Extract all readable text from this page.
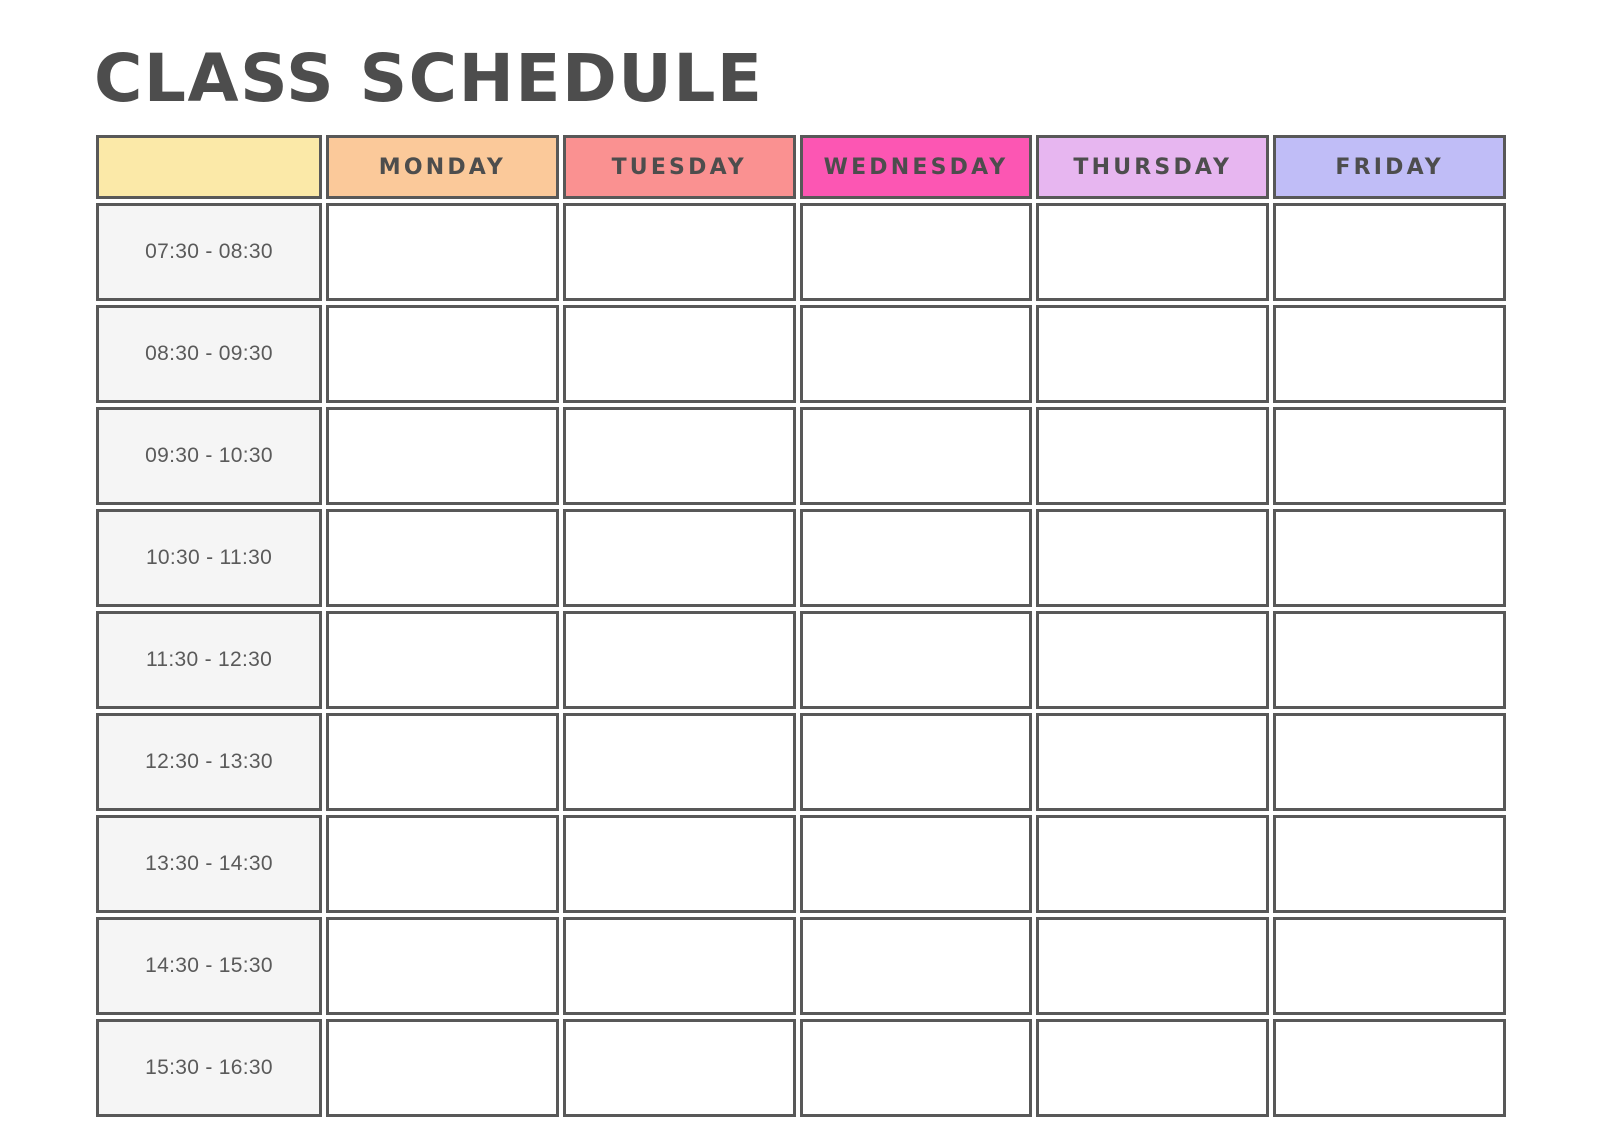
CLASS SCHEDULE
	MONDAY	TUESDAY	WEDNESDAY	THURSDAY	FRIDAY
07:30 - 08:30					
08:30 - 09:30					
09:30 - 10:30					
10:30 - 11:30					
11:30 - 12:30					
12:30 - 13:30					
13:30 - 14:30					
14:30 - 15:30					
15:30 - 16:30					
